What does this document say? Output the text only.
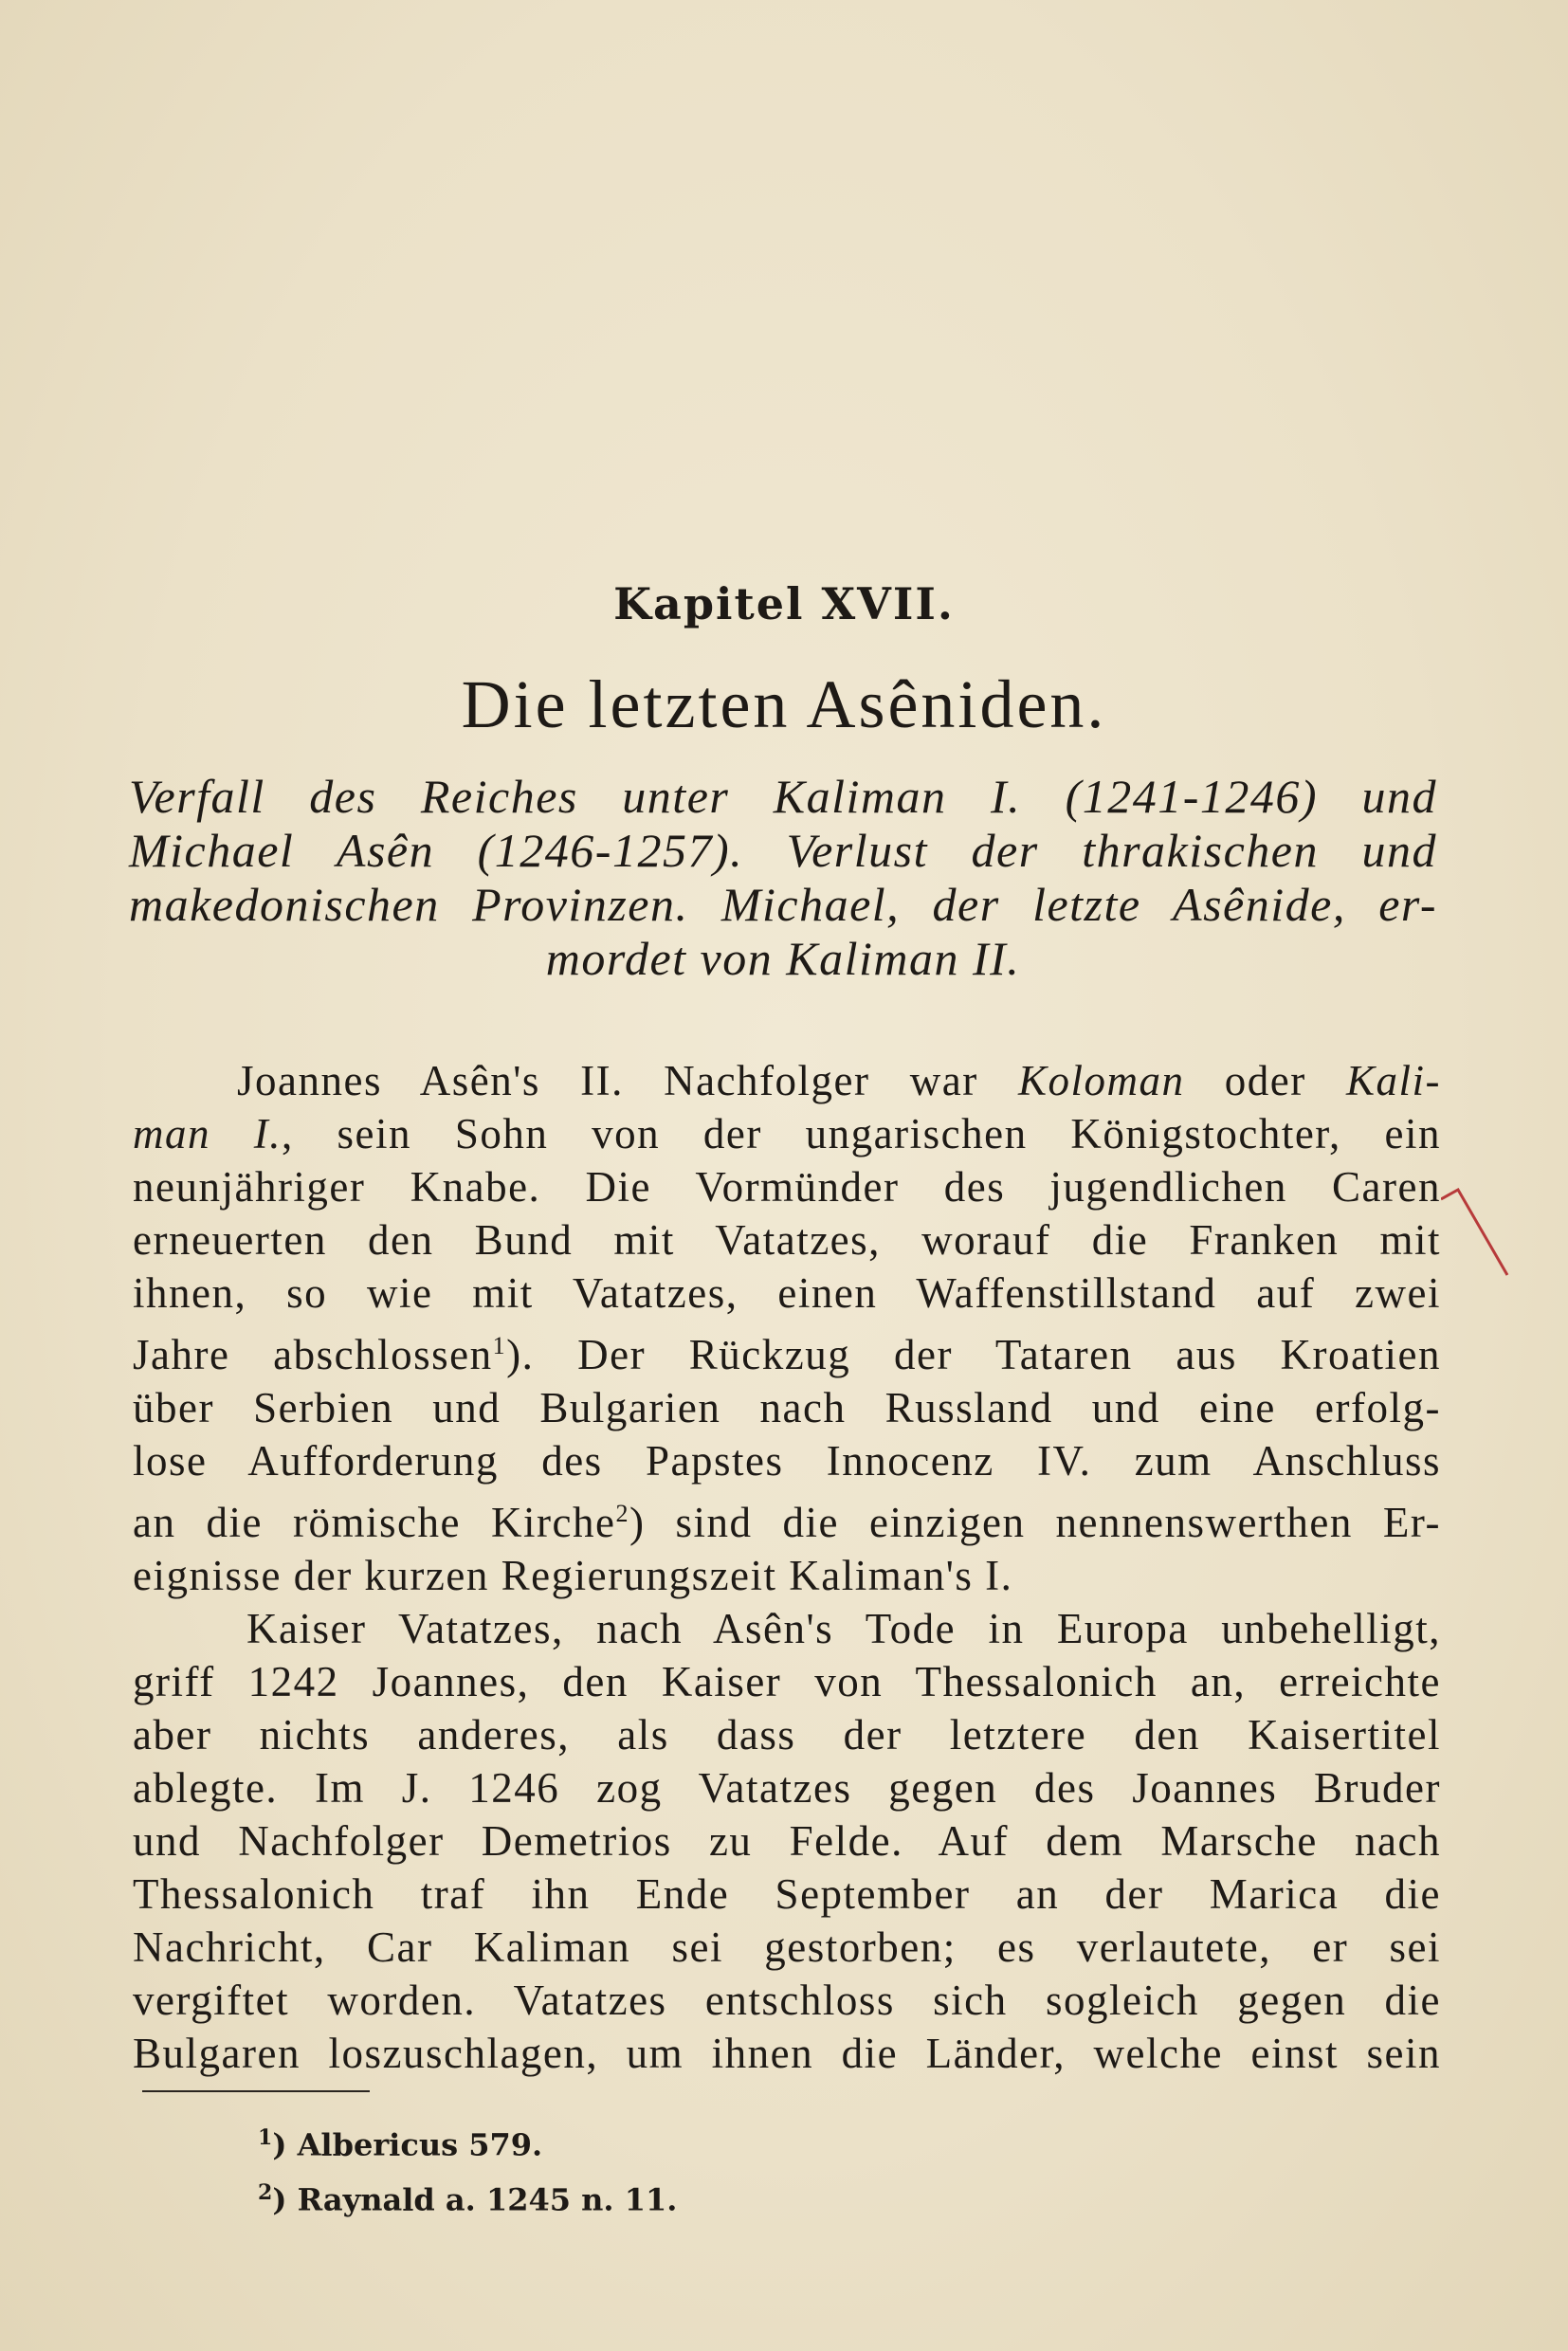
Kapitel XVII.
Die letzten Asêniden.
Verfall des Reiches unter Kaliman I. (1241-1246) und
Michael Asên (1246-1257). Verlust der thrakischen und
makedonischen Provinzen. Michael, der letzte Asênide, er-
mordet von Kaliman II.
Joannes Asên's II. Nachfolger war Koloman oder Kali-
man I., sein Sohn von der ungarischen Königstochter, ein
neunjähriger Knabe. Die Vormünder des jugendlichen Caren
erneuerten den Bund mit Vatatzes, worauf die Franken mit
ihnen, so wie mit Vatatzes, einen Waffenstillstand auf zwei
Jahre abschlossen$^1$). Der Rückzug der Tataren aus Kroatien
über Serbien und Bulgarien nach Russland und eine erfolg-
lose Aufforderung des Papstes Innocenz IV. zum Anschluss
an die römische Kirche$^2$) sind die einzigen nennenswerthen Er-
eignisse der kurzen Regierungszeit Kaliman's I.
Kaiser Vatatzes, nach Asên's Tode in Europa unbehelligt,
griff 1242 Joannes, den Kaiser von Thessalonich an, erreichte
aber nichts anderes, als dass der letztere den Kaisertitel
ablegte. Im J. 1246 zog Vatatzes gegen des Joannes Bruder
und Nachfolger Demetrios zu Felde. Auf dem Marsche nach
Thessalonich traf ihn Ende September an der Marica die
Nachricht, Car Kaliman sei gestorben; es verlautete, er sei
vergiftet worden. Vatatzes entschloss sich sogleich gegen die
Bulgaren loszuschlagen, um ihnen die Länder, welche einst sein
$^1$) Albericus 579.
$^2$) Raynald a. 1245 n. 11.
